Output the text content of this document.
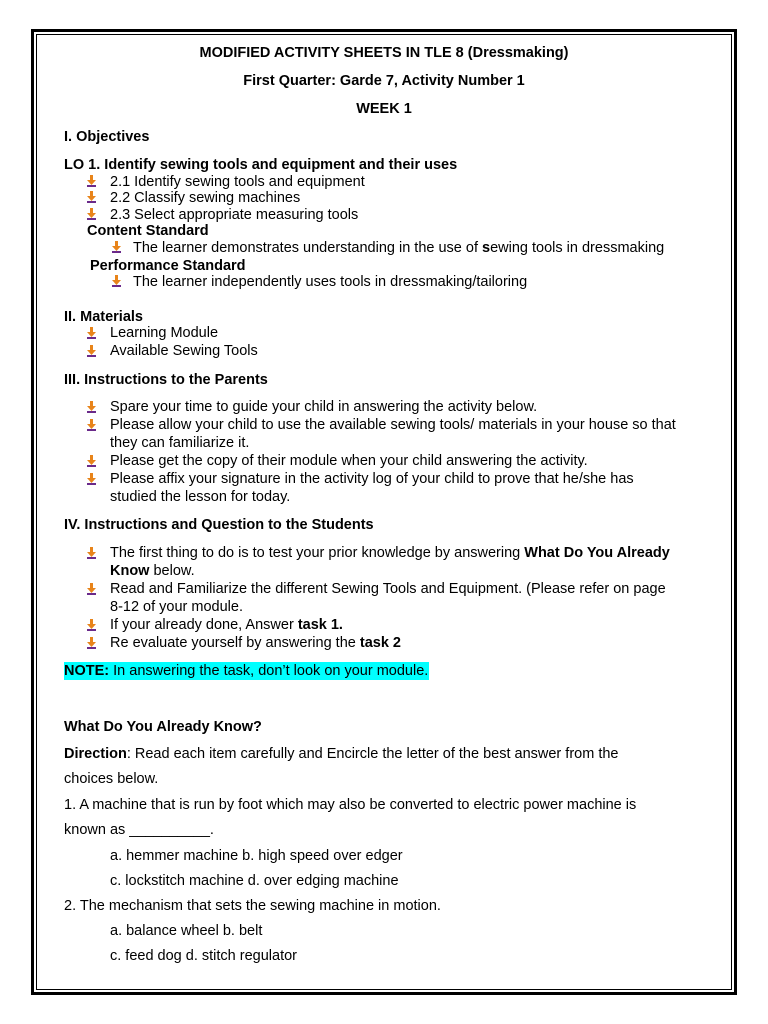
MODIFIED ACTIVITY SHEETS IN TLE 8 (Dressmaking)
First Quarter: Garde 7, Activity Number 1
WEEK 1
I. Objectives
LO 1. Identify sewing tools and equipment and their uses
2.1 Identify sewing tools and equipment
2.2 Classify sewing machines
2.3 Select appropriate measuring tools
Content Standard
The learner demonstrates understanding in the use of sewing tools in dressmaking
Performance Standard
The learner independently uses tools in dressmaking/tailoring
II. Materials
Learning Module
Available Sewing Tools
III. Instructions to the Parents
Spare your time to guide your child in answering the activity below.
Please allow your child to use the available sewing tools/ materials in your house so that
they can familiarize it.
Please get the copy of their module when your child answering the activity.
Please affix your signature in the activity log of your child to prove that he/she has
studied the lesson for today.
IV. Instructions and Question to the Students
The first thing to do is to test your prior knowledge by answering What Do You Already
Know below.
Read and Familiarize the different Sewing Tools and Equipment. (Please refer on page
8-12 of your module.
If your already done, Answer task 1.
Re evaluate yourself by answering the task 2
NOTE: In answering the task, don’t look on your module.
What Do You Already Know?
Direction: Read each item carefully and Encircle the letter of the best answer from the
choices below.
1. A machine that is run by foot which may also be converted to electric power machine is
known as __________.
a. hemmer machine b. high speed over edger
c. lockstitch machine d. over edging machine
2. The mechanism that sets the sewing machine in motion.
a. balance wheel b. belt
c. feed dog d. stitch regulator
